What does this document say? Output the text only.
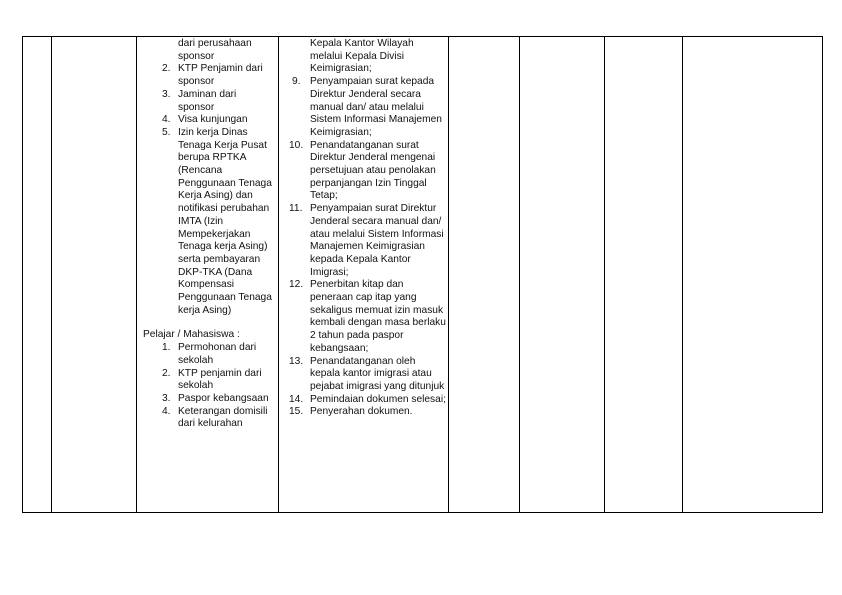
dari perusahaan sponsor
2. KTP Penjamin dari sponsor
3. Jaminan dari sponsor
4. Visa kunjungan
5. Izin kerja Dinas Tenaga Kerja Pusat berupa RPTKA (Rencana Penggunaan Tenaga Kerja Asing) dan notifikasi perubahan IMTA (Izin Mempekerjakan Tenaga kerja Asing) serta pembayaran DKP-TKA (Dana Kompensasi Penggunaan Tenaga kerja Asing)
Pelajar / Mahasiswa :
1. Permohonan dari sekolah
2. KTP penjamin dari sekolah
3. Paspor kebangsaan
4. Keterangan domisili dari kelurahan
Kepala Kantor Wilayah melalui Kepala Divisi Keimigrasian;
9. Penyampaian surat kepada Direktur Jenderal secara manual dan/ atau melalui Sistem Informasi Manajemen Keimigrasian;
10. Penandatanganan surat Direktur Jenderal mengenai persetujuan atau penolakan perpanjangan Izin Tinggal Tetap;
11. Penyampaian surat Direktur Jenderal secara manual dan/ atau melalui Sistem Informasi Manajemen Keimigrasian kepada Kepala Kantor Imigrasi;
12. Penerbitan kitap dan peneraan cap itap yang sekaligus memuat izin masuk kembali dengan masa berlaku 2 tahun pada paspor kebangsaan;
13. Penandatanganan oleh kepala kantor imigrasi atau pejabat imigrasi yang ditunjuk
14. Pemindaian dokumen selesai;
15. Penyerahan dokumen.
